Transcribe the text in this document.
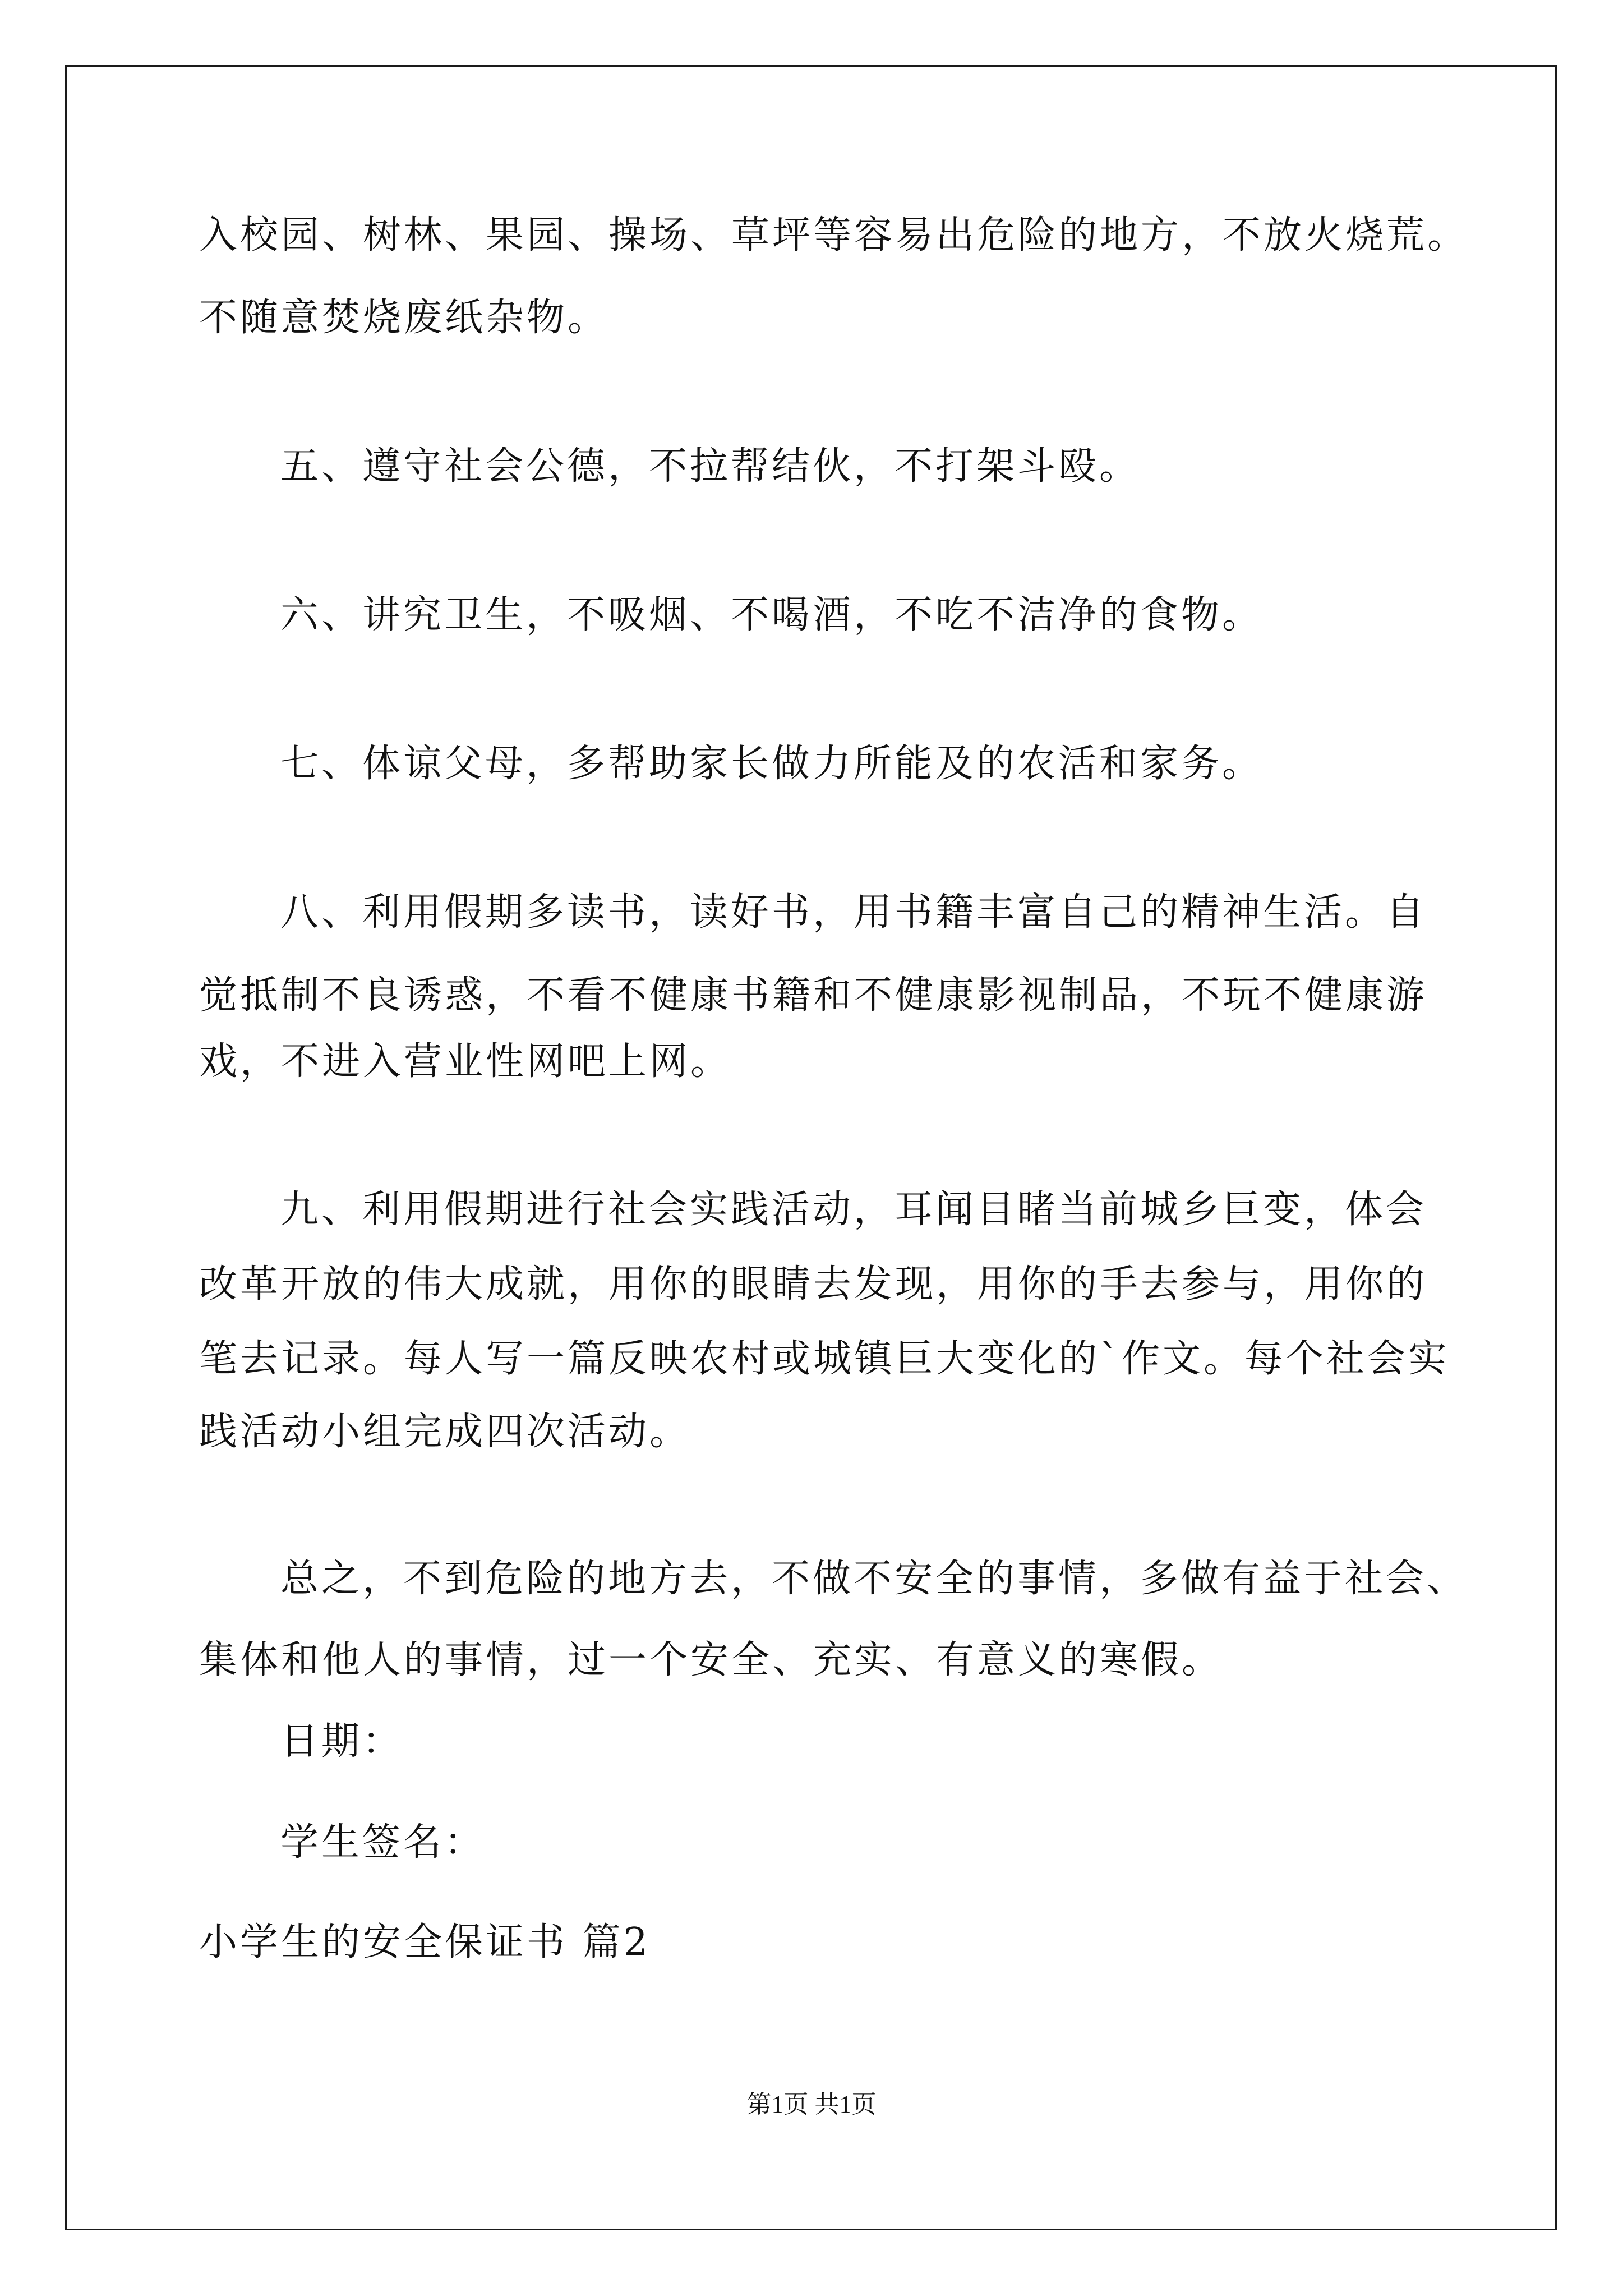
入校园、树林、果园、操场、草坪等容易出危险的地方，不放火烧荒。
不随意焚烧废纸杂物。
五、遵守社会公德，不拉帮结伙，不打架斗殴。
六、讲究卫生，不吸烟、不喝酒，不吃不洁净的食物。
七、体谅父母，多帮助家长做力所能及的农活和家务。
八、利用假期多读书，读好书，用书籍丰富自己的精神生活。自
觉抵制不良诱惑，不看不健康书籍和不健康影视制品，不玩不健康游
戏，不进入营业性网吧上网。
九、利用假期进行社会实践活动，耳闻目睹当前城乡巨变，体会
改革开放的伟大成就，用你的眼睛去发现，用你的手去参与，用你的
笔去记录。每人写一篇反映农村或城镇巨大变化的`作文。每个社会实
践活动小组完成四次活动。
总之，不到危险的地方去，不做不安全的事情，多做有益于社会、
集体和他人的事情，过一个安全、充实、有意义的寒假。
日期：
学生签名：
小学生的安全保证书 篇2
第1页 共1页
